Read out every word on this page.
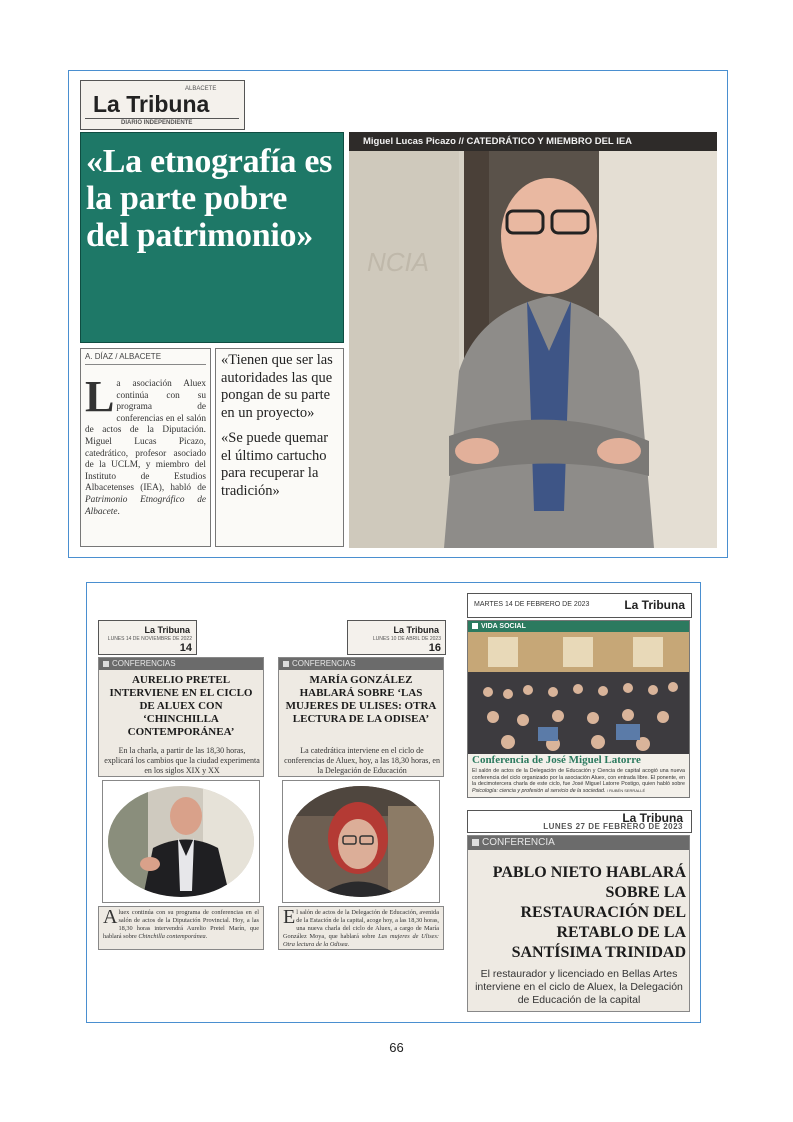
ALBACETE
La Tribuna
DIARIO INDEPENDIENTE
«La etnografía es la parte pobre del patrimonio»
Miguel Lucas Picazo // CATEDRÁTICO Y MIEMBRO DEL IEA
NCIA
A. DÍAZ / ALBACETE
La asociación Aluex continúa con su programa de conferencias en el salón de actos de la Diputación. Miguel Lucas Picazo, catedrático, profesor asociado de la UCLM, y miembro del Instituto de Estudios Albacetenses (IEA), habló de Patrimonio Etnográfico de Albacete.
«Tienen que ser las autoridades las que pongan de su parte en un proyecto»
«Se puede quemar el último cartucho para recuperar la tradición»
La Tribuna
LUNES 14 DE NOVIEMBRE DE 2022
14
CONFERENCIAS
AURELIO PRETEL INTERVIENE EN EL CICLO DE ALUEX CON ‘CHINCHILLA CONTEMPORÁNEA’
En la charla, a partir de las 18,30 horas, explicará los cambios que la ciudad experimenta en los siglos XIX y XX
Aluex continúa con su programa de conferencias en el salón de actos de la Diputación Provincial. Hoy, a las 18,30 horas intervendrá Aurelio Pretel Marín, que hablará sobre Chinchilla contemporánea.
La Tribuna
LUNES 10 DE ABRIL DE 2023
16
CONFERENCIAS
MARÍA GONZÁLEZ HABLARÁ SOBRE ‘LAS MUJERES DE ULISES: OTRA LECTURA DE LA ODISEA’
La catedrática interviene en el ciclo de conferencias de Aluex, hoy, a las 18,30 horas, en la Delegación de Educación
El salón de actos de la Delegación de Educación, avenida de la Estación de la capital, acoge hoy, a las 18,30 horas, una nueva charla del ciclo de Aluex, a cargo de María González Moya, que hablará sobre Las mujeres de Ulises: Otra lectura de la Odisea.
MARTES 14 DE FEBRERO DE 2023	La Tribuna
VIDA SOCIAL
Conferencia de José Miguel Latorre
El salón de actos de la Delegación de Educación y Ciencia de capital acogió una nueva conferencia del ciclo organizado por la asociación Aluex, con entrada libre. El ponente, en la decimotercera charla de este ciclo, fue José Miguel Latorre Postigo, quien habló sobre Psicología: ciencia y profesión al servicio de la sociedad. / RUBÉN SERRALLÉ
La Tribuna
LUNES 27 DE FEBRERO DE 2023
CONFERENCIA
PABLO NIETO HABLARÁ SOBRE LA RESTAURACIÓN DEL RETABLO DE LA SANTÍSIMA TRINIDAD
El restaurador y licenciado en Bellas Artes interviene en el ciclo de Aluex, la Delegación de Educación de la capital
66
